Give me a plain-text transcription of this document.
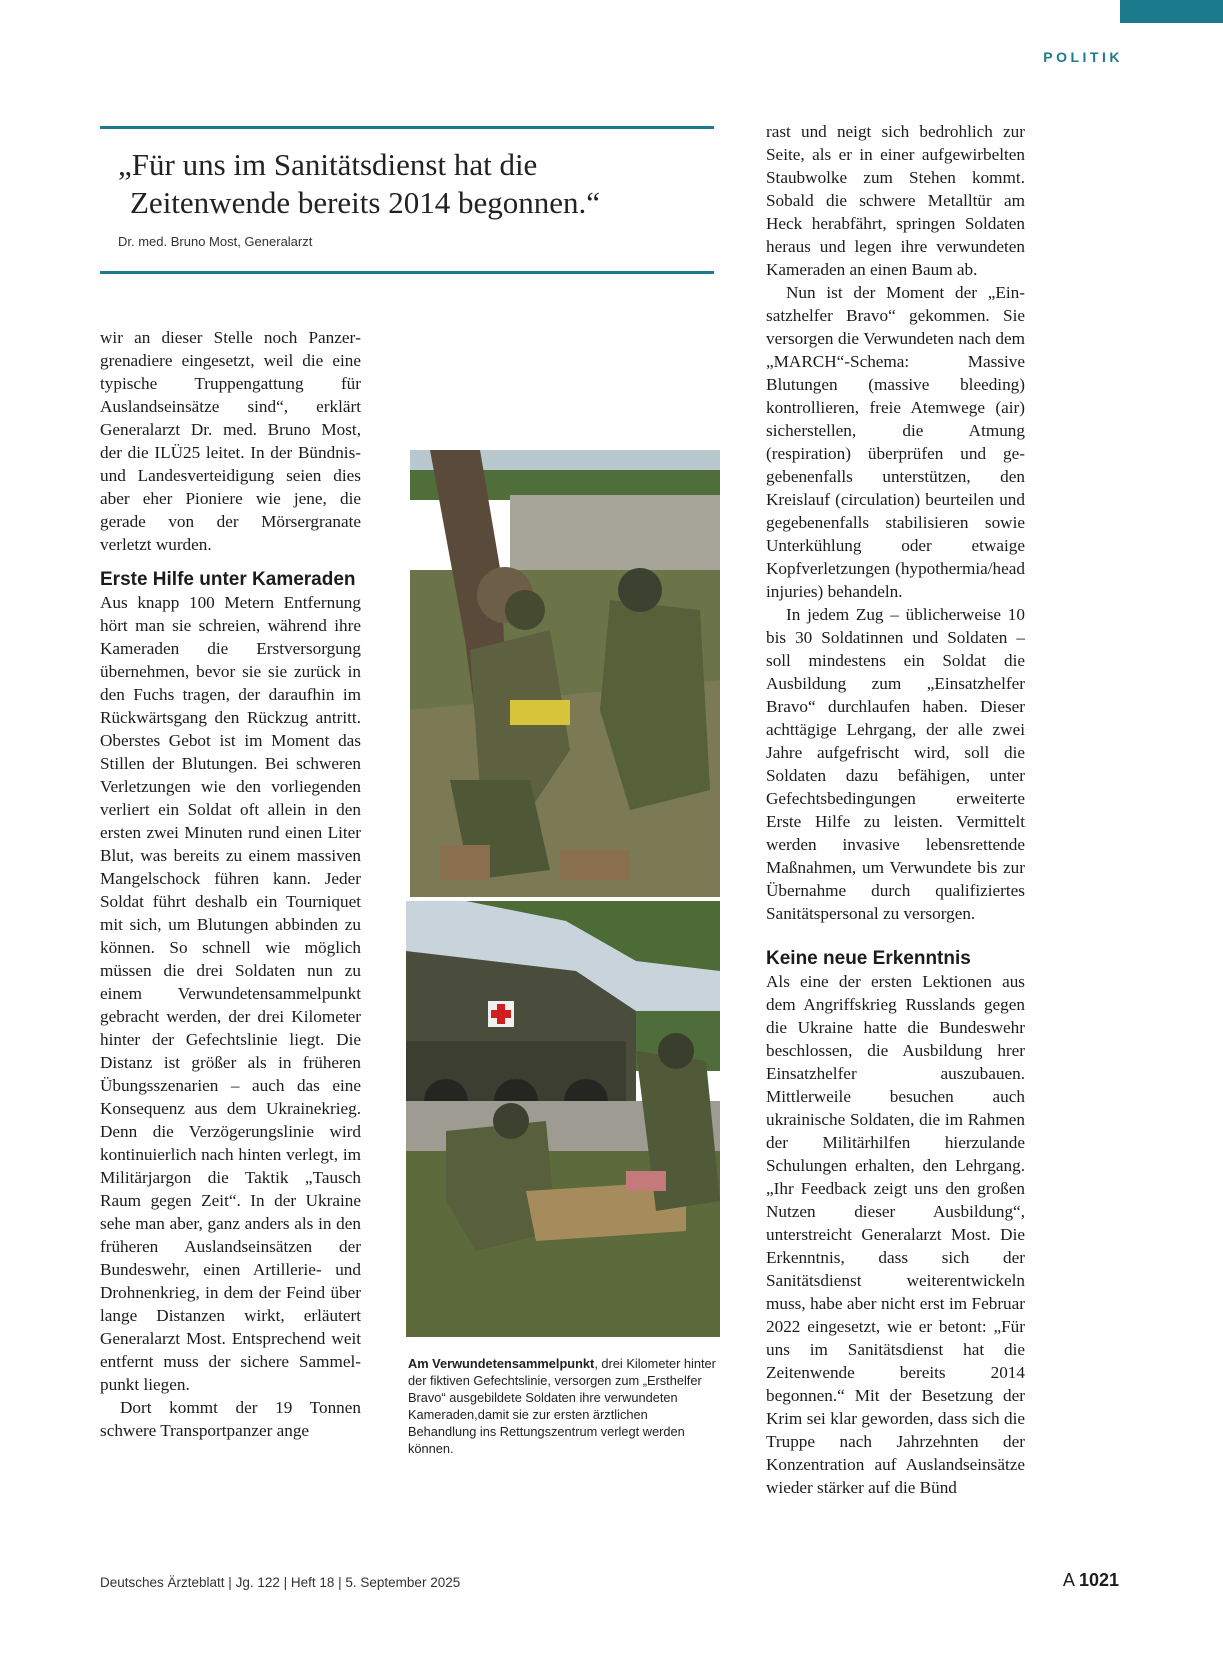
POLITIK
„Für uns im Sanitätsdienst hat die
Zeitenwende bereits 2014 begonnen.“
Dr. med. Bruno Most, Generalarzt

wir an dieser Stelle noch Panzergrenadiere eingesetzt, weil die eine typische Truppengattung für Auslandseinsätze sind“, erklärt Generalarzt Dr. med. Bruno Most, der die ILÜ25 leitet. In der Bündnis- und Landesverteidigung seien dies aber eher Pioniere wie jene, die gerade von der Mörsergranate verletzt wurden.

Erste Hilfe unter Kameraden

Aus knapp 100 Metern Entfernung hört man sie schreien, während ihre Kameraden die Erstversorgung übernehmen, bevor sie sie zurück in den Fuchs tragen, der daraufhin im Rückwärtsgang den Rückzug antritt. Oberstes Gebot ist im Moment das Stillen der Blutungen. Bei schweren Verletzungen wie den vorliegenden verliert ein Soldat oft allein in den ersten zwei Minuten rund einen Liter Blut, was bereits zu einem massiven Mangelschock führen kann. Jeder Soldat führt deshalb ein Tourniquet mit sich, um Blutungen abbinden zu können. So schnell wie möglich müssen die drei Soldaten nun zu einem Verwundetensammelpunkt gebracht werden, der drei Kilometer hinter der Gefechtslinie liegt. Die Distanz ist größer als in früheren Übungsszenarien – auch das eine Konsequenz aus dem Ukrainekrieg. Denn die Verzögerungslinie wird kontinuierlich nach hinten verlegt, im Militärjargon die Taktik „Tausch Raum gegen Zeit“. In der Ukraine sehe man aber, ganz anders als in den früheren Auslandseinsätzen der Bundeswehr, einen Artillerie- und Drohnenkrieg, in dem der Feind über lange Distanzen wirkt, erläutert Generalarzt Most. Entsprechend weit entfernt muss der sichere Sammelpunkt liegen.

Dort kommt der 19 Tonnen schwere Transportpanzer ange

Am Verwundetensammelpunkt, drei Kilometer hinter der fiktiven Gefechtslinie, versorgen zum „Ersthelfer Bravo“ ausgebildete Soldaten ihre verwundeten Kameraden,damit sie zur ersten ärztlichen Behandlung ins Rettungszentrum verlegt werden können.

rast und neigt sich bedrohlich zur Seite, als er in einer aufgewirbelten Staubwolke zum Stehen kommt. Sobald die schwere Metalltür am Heck herabfährt, springen Soldaten heraus und legen ihre verwundeten Kameraden an einen Baum ab.

Nun ist der Moment der „Einsatzhelfer Bravo“ gekommen. Sie versorgen die Verwundeten nach dem „MARCH“-Schema: Massive Blutungen (massive bleeding) kontrollieren, freie Atemwege (air) sicherstellen, die Atmung (respiration) überprüfen und gegebenenfalls unterstützen, den Kreislauf (circulation) beurteilen und gegebenenfalls stabilisieren sowie Unterkühlung oder etwaige Kopfverletzungen (hypothermia/head injuries) behandeln.

In jedem Zug – üblicherweise 10 bis 30 Soldatinnen und Soldaten – soll mindestens ein Soldat die Ausbildung zum „Einsatzhelfer Bravo“ durchlaufen haben. Dieser achttägige Lehrgang, der alle zwei Jahre aufgefrischt wird, soll die Soldaten dazu befähigen, unter Gefechtsbedingungen erweiterte Erste Hilfe zu leisten. Vermittelt werden invasive lebensrettende Maßnahmen, um Verwundete bis zur Übernahme durch qualifiziertes Sanitätspersonal zu versorgen.

Keine neue Erkenntnis

Als eine der ersten Lektionen aus dem Angriffskrieg Russlands gegen die Ukraine hatte die Bundeswehr beschlossen, die Ausbildung hrer Einsatzhelfer auszubauen. Mittlerweile besuchen auch ukrainische Soldaten, die im Rahmen der Militärhilfen hierzulande Schulungen erhalten, den Lehrgang. „Ihr Feedback zeigt uns den großen Nutzen dieser Ausbildung“, unterstreicht Generalarzt Most. Die Erkenntnis, dass sich der Sanitätsdienst weiterentwickeln muss, habe aber nicht erst im Februar 2022 eingesetzt, wie er betont: „Für uns im Sanitätsdienst hat die Zeitenwende bereits 2014 begonnen.“ Mit der Besetzung der Krim sei klar geworden, dass sich die Truppe nach Jahrzehnten der Konzentration auf Auslandseinsätze wieder stärker auf die Bünd

Deutsches Ärzteblatt | Jg. 122 | Heft 18 | 5. September 2025	A 1021
